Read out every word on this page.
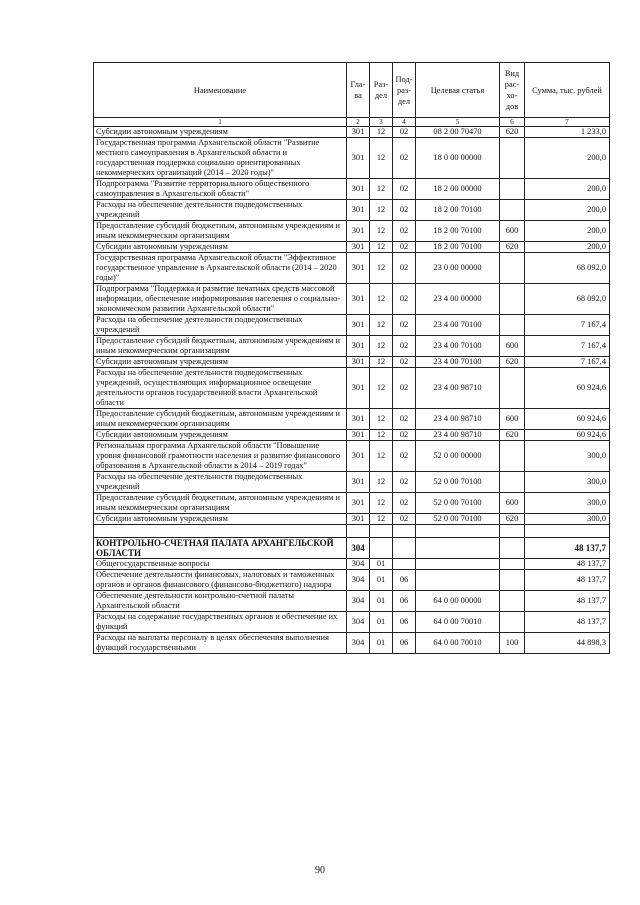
Наименование	Гла-ва	Раз-дел	Под-раз-дел	Целевая статья	Вид рас-хо-дов	Сумма, тыс. рублей
1	2	3	4	5	6	7
Субсидии автономным учреждениям	301	12	02	08 2 00 70470	620	1 233,0
Государственная программа Архангельской области "Развитие местного самоуправления в Архангельской области и государственная поддержка социально ориентированных некоммерческих организаций (2014 – 2020 годы)"	301	12	02	18 0 00 00000		200,0
Подпрограмма "Развитие территориального общественного самоуправления в Архангельской области"	301	12	02	18 2 00 00000		200,0
Расходы на обеспечение деятельности подведомственных учреждений	301	12	02	18 2 00 70100		200,0
Предоставление субсидий бюджетным, автономным учреждениям и иным некоммерческим организациям	301	12	02	18 2 00 70100	600	200,0
Субсидии автономным учреждениям	301	12	02	18 2 00 70100	620	200,0
Государственная программа Архангельской области "Эффективное государственное управление в Архангельской области (2014 – 2020 годы)"	301	12	02	23 0 00 00000		68 092,0
Подпрограмма "Поддержка и развитие печатных средств массовой информации, обеспечение информирования населения о социально-экономическом развитии Архангельской области"	301	12	02	23 4 00 00000		68 092,0
Расходы на обеспечение деятельности подведомственных учреждений	301	12	02	23 4 00 70100		7 167,4
Предоставление субсидий бюджетным, автономным учреждениям и иным некоммерческим организациям	301	12	02	23 4 00 70100	600	7 167,4
Субсидии автономным учреждениям	301	12	02	23 4 00 70100	620	7 167,4
Расходы на обеспечение деятельности подведомственных учреждений, осуществляющих информационное освещение деятельности органов государственной власти Архангельской области	301	12	02	23 4 00 98710		60 924,6
Предоставление субсидий бюджетным, автономным учреждениям и иным некоммерческим организациям	301	12	02	23 4 00 98710	600	60 924,6
Субсидии автономным учреждениям	301	12	02	23 4 00 98710	620	60 924,6
Региональная программа Архангельской области "Повышение уровня финансовой грамотности населения и развитие финансового образования в Архангельской области в 2014 – 2019 годах"	301	12	02	52 0 00 00000		300,0
Расходы на обеспечение деятельности подведомственных учреждений	301	12	02	52 0 00 70100		300,0
Предоставление субсидий бюджетным, автономным учреждениям и иным некоммерческим организациям	301	12	02	52 0 00 70100	600	300,0
Субсидии автономным учреждениям	301	12	02	52 0 00 70100	620	300,0

КОНТРОЛЬНО-СЧЕТНАЯ ПАЛАТА АРХАНГЕЛЬСКОЙ ОБЛАСТИ	304					48 137,7
Общегосударственные вопросы	304	01				48 137,7
Обеспечение деятельности финансовых, налоговых и таможенных органов и органов финансового (финансово-бюджетного) надзора	304	01	06			48 137,7
Обеспечение деятельности контрольно-счетной палаты Архангельской области	304	01	06	64 0 00 00000		48 137,7
Расходы на содержание государственных органов и обеспечение их функций	304	01	06	64 0 00 70010		48 137,7
Расходы на выплаты персоналу в целях обеспечения выполнения функций государственными	304	01	06	64 0 00 70010	100	44 898,3
90
